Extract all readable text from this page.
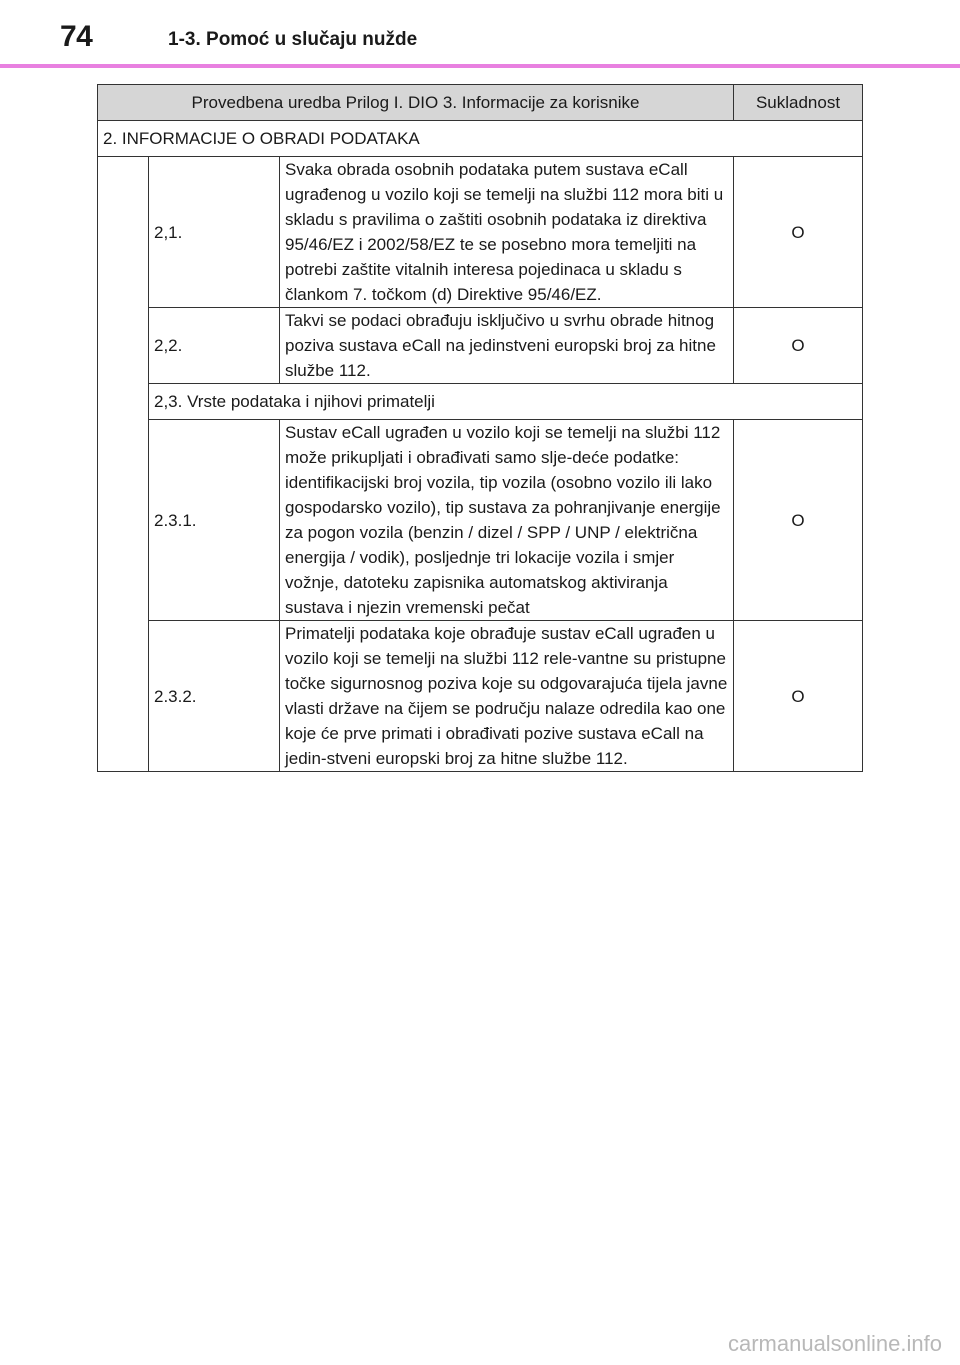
74	1-3. Pomoć u slučaju nužde
Provedbena uredba Prilog I. DIO 3. Informacije za korisnike			Sukladnost
2. INFORMACIJE O OBRADI PODATAKA			
	2,1.	Svaka obrada osobnih podataka putem sustava eCall ugrađenog u vozilo koji se temelji na službi 112 mora biti u skladu s pravilima o zaštiti osobnih podataka iz direktiva 95/46/EZ i 2002/58/EZ te se posebno mora temeljiti na potrebi zaštite vitalnih interesa pojedinaca u skladu s člankom 7. točkom (d) Direktive 95/46/EZ.	O
	2,2.	Takvi se podaci obrađuju isključivo u svrhu obrade hitnog poziva sustava eCall na jedinstveni europski broj za hitne službe 112.	O
	2,3. Vrste podataka i njihovi primatelji		
	2.3.1.	Sustav eCall ugrađen u vozilo koji se temelji na službi 112 može prikupljati i obrađivati samo slje-deće podatke: identifikacijski broj vozila, tip vozila (osobno vozilo ili lako gospodarsko vozilo), tip sustava za pohranjivanje energije za pogon vozila (benzin / dizel / SPP / UNP / električna energija / vodik), posljednje tri lokacije vozila i smjer vožnje, datoteku zapisnika automatskog aktiviranja sustava i njezin vremenski pečat	O
	2.3.2.	Primatelji podataka koje obrađuje sustav eCall ugrađen u vozilo koji se temelji na službi 112 rele-vantne su pristupne točke sigurnosnog poziva koje su odgovarajuća tijela javne vlasti države na čijem se području nalaze odredila kao one koje će prve primati i obrađivati pozive sustava eCall na jedin-stveni europski broj za hitne službe 112.	O
carmanualsonline.info
